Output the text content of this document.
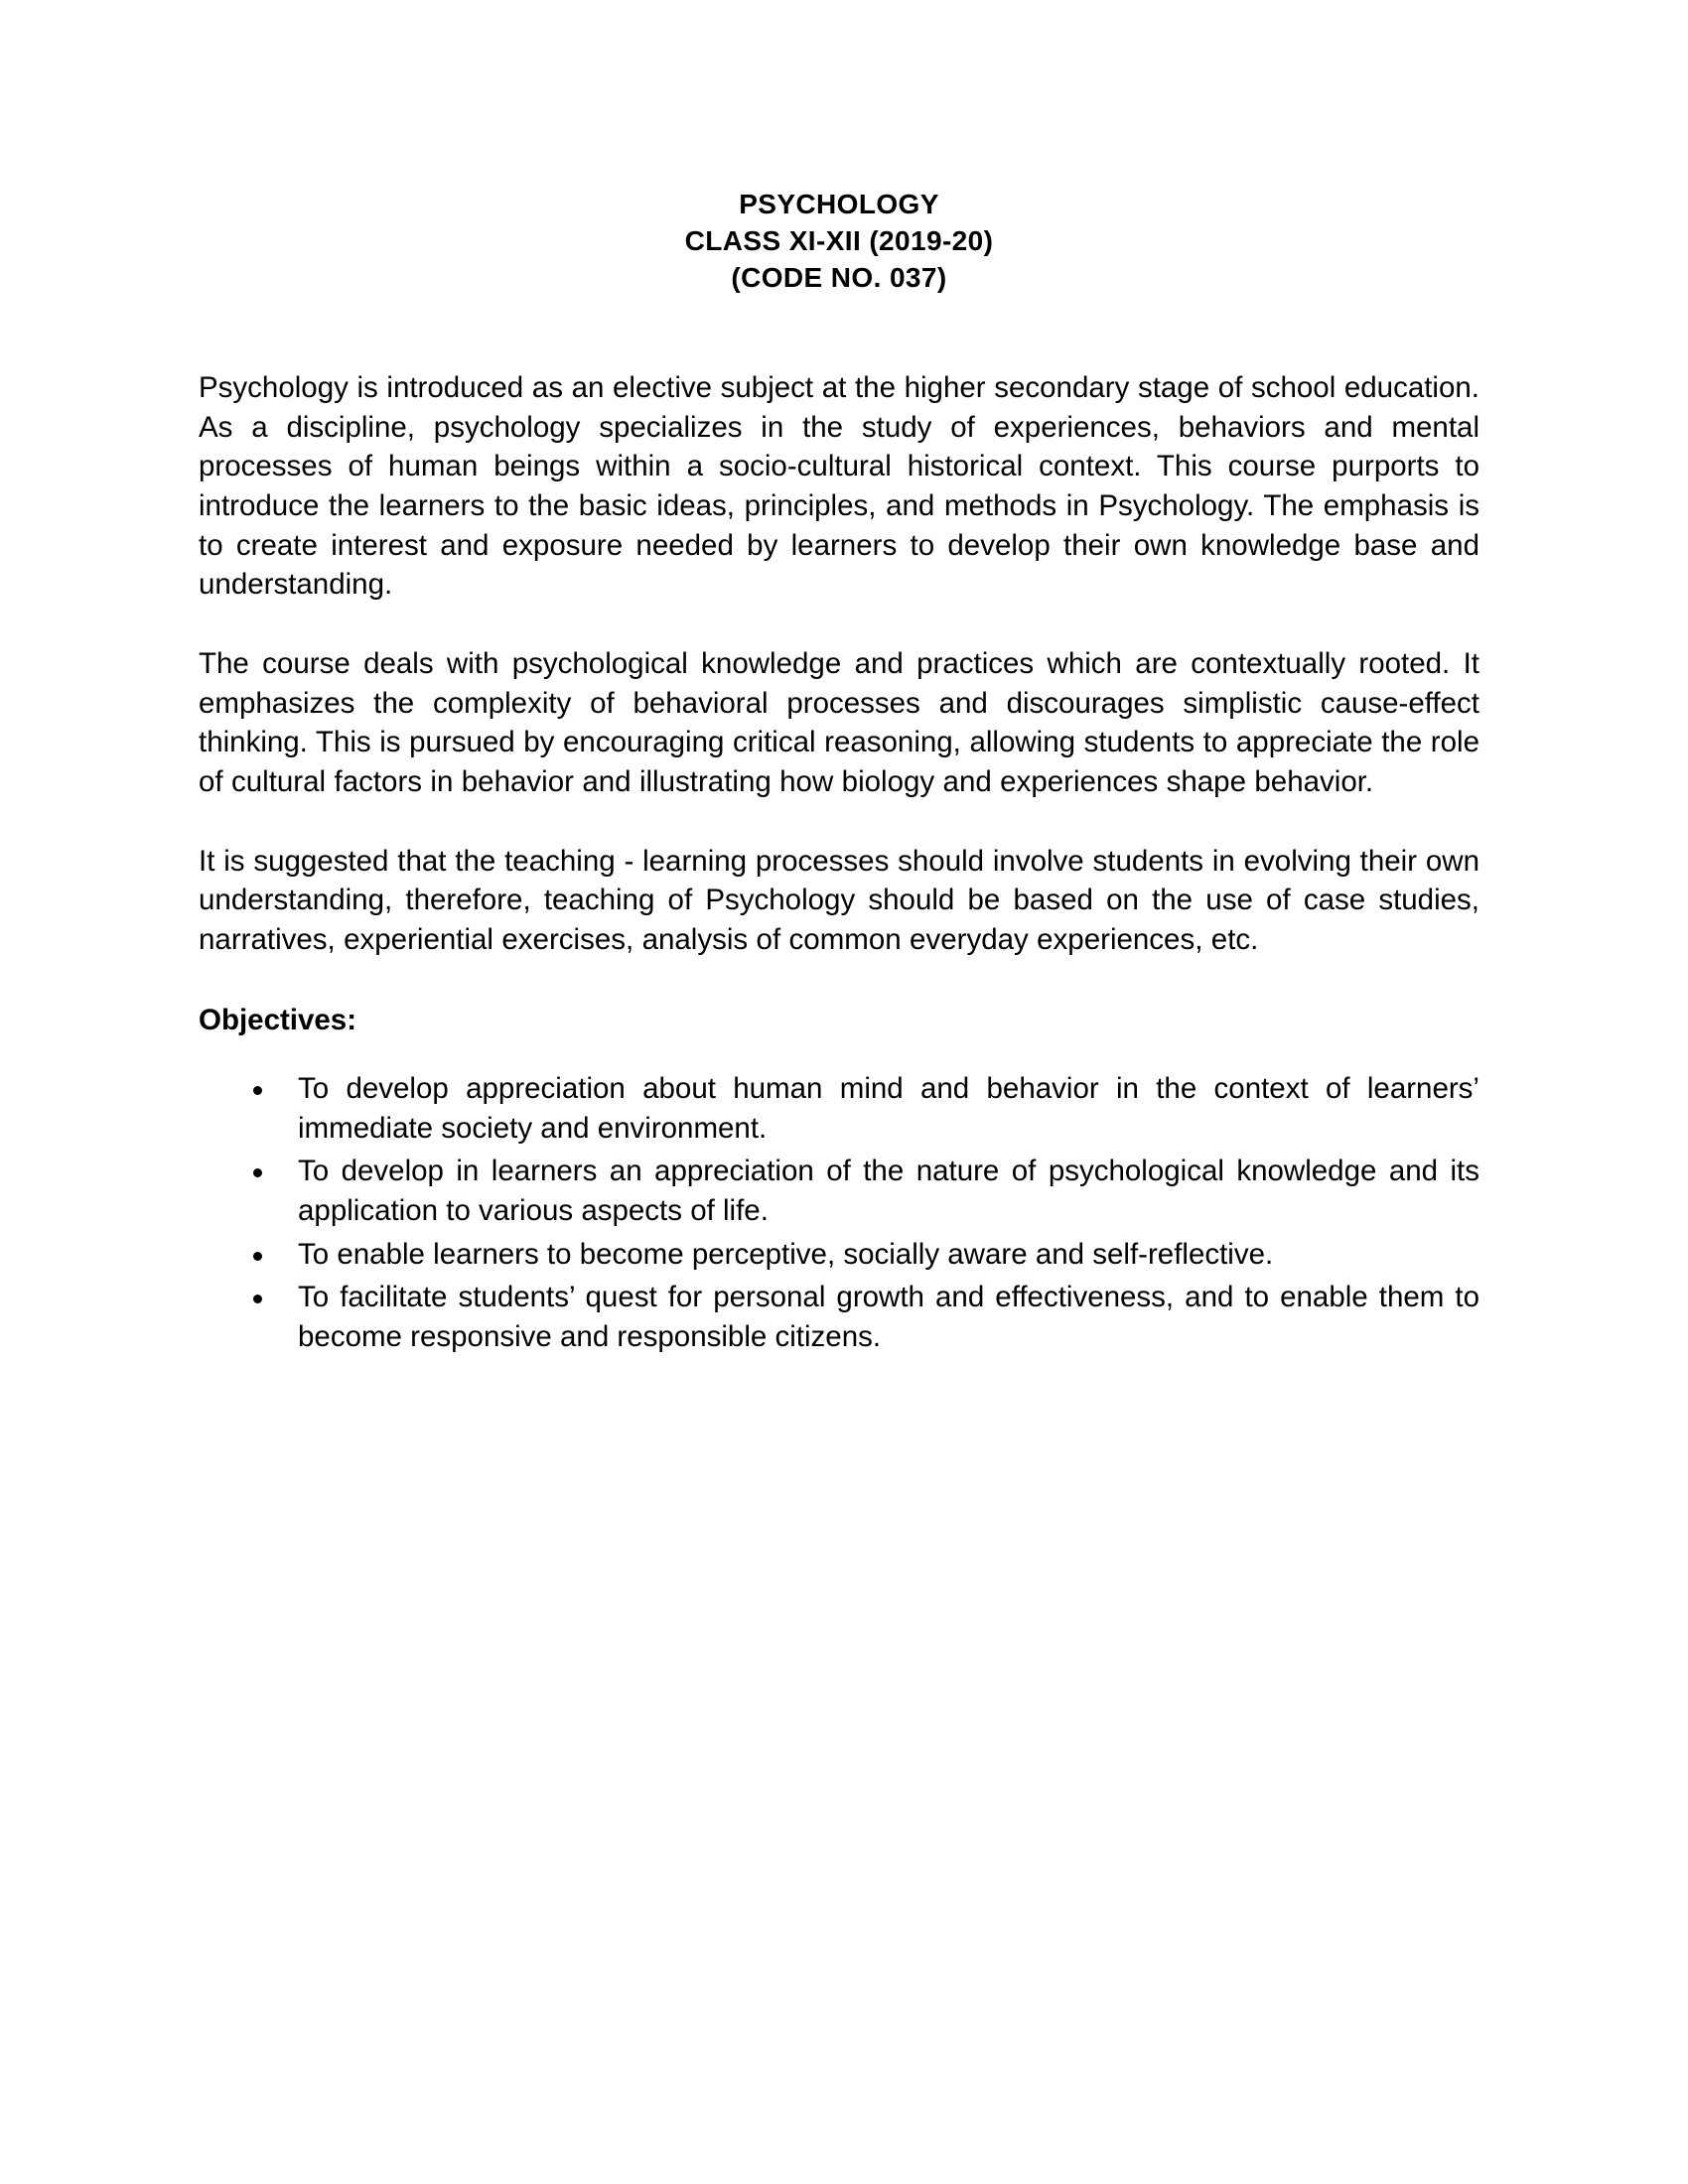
PSYCHOLOGY
CLASS XI-XII (2019-20)
(CODE NO. 037)

Psychology is introduced as an elective subject at the higher secondary stage of school education. As a discipline, psychology specializes in the study of experiences, behaviors and mental processes of human beings within a socio-cultural historical context. This course purports to introduce the learners to the basic ideas, principles, and methods in Psychology. The emphasis is to create interest and exposure needed by learners to develop their own knowledge base and understanding.

The course deals with psychological knowledge and practices which are contextually rooted. It emphasizes the complexity of behavioral processes and discourages simplistic cause-effect thinking. This is pursued by encouraging critical reasoning, allowing students to appreciate the role of cultural factors in behavior and illustrating how biology and experiences shape behavior.

It is suggested that the teaching - learning processes should involve students in evolving their own understanding, therefore, teaching of Psychology should be based on the use of case studies, narratives, experiential exercises, analysis of common everyday experiences, etc.

Objectives:
To develop appreciation about human mind and behavior in the context of learners’ immediate society and environment.
To develop in learners an appreciation of the nature of psychological knowledge and its application to various aspects of life.
To enable learners to become perceptive, socially aware and self-reflective.
To facilitate students’ quest for personal growth and effectiveness, and to enable them to become responsive and responsible citizens.
